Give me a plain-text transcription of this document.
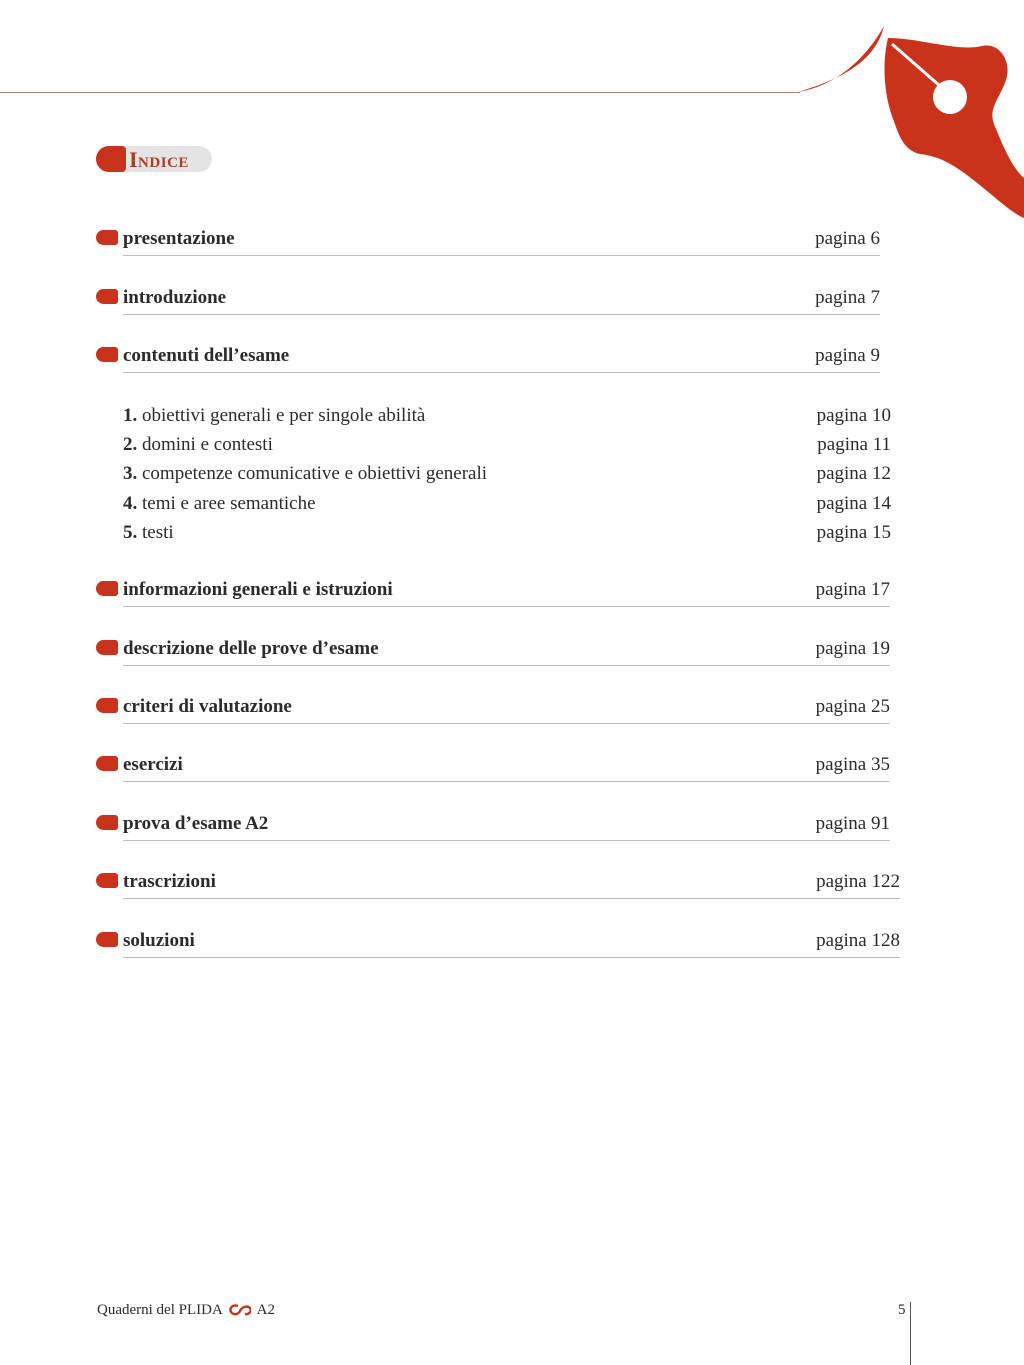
Indice
presentazione	pagina 6
introduzione	pagina 7
contenuti dell’esame	pagina 9
1. obiettivi generali e per singole abilità	pagina 10
2. domini e contesti	pagina 11
3. competenze comunicative e obiettivi generali	pagina 12
4. temi e aree semantiche	pagina 14
5. testi	pagina 15
informazioni generali e istruzioni	pagina 17
descrizione delle prove d’esame	pagina 19
criteri di valutazione	pagina 25
esercizi	pagina 35
prova d’esame A2	pagina 91
trascrizioni	pagina 122
soluzioni	pagina 128
Quaderni del PLIDA A2	5
